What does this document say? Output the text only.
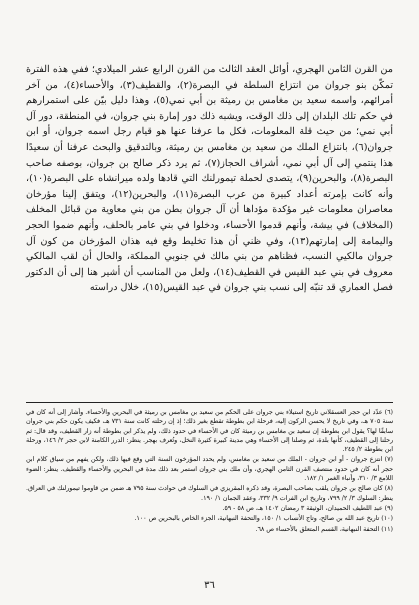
من القرن الثامن الهجري، أوائل العقد الثالث من القرن الرابع عشر الميلادي؛ ففي هذه الفترة تمكّن بنو جروان من انتزاع السلطة في البصرة(٢)، والقطيف(٣)، والأحساء(٤)، من آخر أمرائهم، واسمه سعيد بن مغامس بن رميثة بن أبي نمي(٥)، وهذا دليل بيّن على استمرارهم في حكم تلك البلدان إلى ذلك الوقت، ويشبه ذلك دور إمارة بني جروان، في المنطقة، دور آل أبي نمي؛ من حيث قلة المعلومات، فكل ما عرفنا عنها هو قيام رجل اسمه جروان، أو ابن جروان(٦)، بانتزاع الملك من سعيد بن مغامس بن رميثة، وبالتدقيق والبحث عرفنا أن سعيدًا هذا ينتمي إلى آل أبي نمي، أشراف الحجاز(٧)، ثم يرد ذكر صالح بن جروان، بوصفه صاحب البصرة(٨)، والبحرين(٩)، يتصدى لحملة تيمورلنك التي قادها ولده ميرانشاه على البصرة(١٠)، وأنه كانت بإمرته أعداد كبيرة من عرب البصرة(١١)، والبحرين(١٢)، ويتفق إلينا مؤرخان معاصران معلومات غير مؤكدة مؤداها أن آل جروان بطن من بني معاوية من قبائل المخلف (المخلاف) في بيشة، وأنهم قدموا الأحساء، ودخلوا في بني عامر بالحلف، وأنهم ضموا الحجر واليمامة إلى إمارتهم(١٣)، وفي ظني أن هذا تخليط وقع فيه هذان المؤرخان من كون آل جروان مالكيي النسب، فظناهم من بني مالك في جنوبي المملكة، والحال أن لقب المالكي معروف في بني عبد القيس في القطيف(١٤)، ولعل من المناسب أن أشير هنا إلى أن الدكتور فصل العماري قد تنبّه إلى نسب بني جروان في عبد القيس(١٥)، خلال دراسته

(٦) عدّد ابن حجر العسقلاني تاريخ استيلاء بني جروان على الحكم من سعيد بن مغامس بن رميثة في البحرين والأحساء. وأشار إلى أنه كان في سنة ٧٠٥ هـ، وفي تاريخ لا يحسن الركون إليه، فرحلة ابن بطوطة تقطع بغير ذلك؛ إذ إن رحلته كانت سنة ٧٣١ هـ، فكيف يكون حكم بني جروان سابقًا لها؟ يقول ابن بطوطة إن سعيد بن مغامس بن رميثة كان في الأحساء في حدود ذلك، ولم يذكر ابن بطوطة أنه زار القطيف، وقد قال: ثم رحلنا إلى القطيف، كأنها بلدة، ثم وصلنا إلى الأحساء وهي مدينة كبيرة كثيرة النخل، وتُعرف بهجر. ينظر: الدرر الكامنة لابن حجر ٢/ ١٤٦، ورحلة ابن بطوطة ٢/ ٢٤٥.

(٧) انتزع جروان - أو ابن جروان - الملك من سعيد بن مغامس، ولم يحدد المؤرخون السنة التي وقع فيها ذلك، ولكن يفهم من سياق كلام ابن حجر أنه كان في حدود منتصف القرن الثامن الهجري، وأن ملك بني جروان استمر بعد ذلك مدة في البحرين والأحساء والقطيف. ينظر: الضوء اللامع ٣/ ٣١٠، وأنباء الغمر ١/ ١٨٢.

(٨) كان صالح بن جروان يلقب بصاحب البصرة، وقد ذكره المقريزي في السلوك في حوادث سنة ٧٩٥ هـ ضمن من قاوموا تيمورلنك في العراق. ينظر: السلوك ٣/ ٢/ ٧٩٩، وتاريخ ابن الفرات ٩/ ٣٣٢، وعقد الجمان ١/ ١٩٠.

(٩) عبد اللطيف الحميدان، الوثيقة ٣ رمضان ١٤٠٢ هـ، ص ٥٨ - ٥٩.

(١٠) تاريخ عبد الله بن صالح، وتاج الأنساب ١/ ١٥٠، والتحفة النبهانية، الجزء الخاص بالبحرين ص ١٠٠.

(١١) التحفة النبهانية، القسم المتعلق بالأحساء ص ٦٨.

٣٦
